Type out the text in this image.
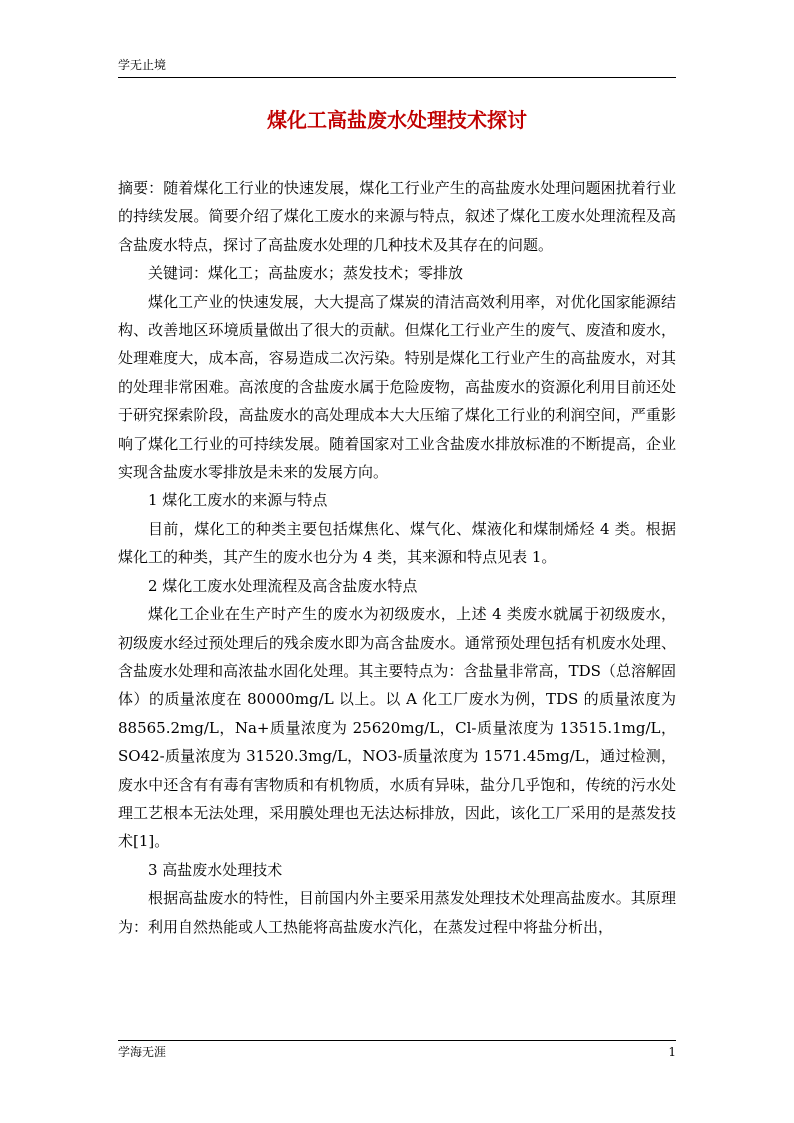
学无止境
煤化工高盐废水处理技术探讨

摘要：随着煤化工行业的快速发展，煤化工行业产生的高盐废水处理问题困扰着行业的持续发展。简要介绍了煤化工废水的来源与特点，叙述了煤化工废水处理流程及高含盐废水特点，探讨了高盐废水处理的几种技术及其存在的问题。

关键词：煤化工；高盐废水；蒸发技术；零排放

煤化工产业的快速发展，大大提高了煤炭的清洁高效利用率，对优化国家能源结构、改善地区环境质量做出了很大的贡献。但煤化工行业产生的废气、废渣和废水，处理难度大，成本高，容易造成二次污染。特别是煤化工行业产生的高盐废水，对其的处理非常困难。高浓度的含盐废水属于危险废物，高盐废水的资源化利用目前还处于研究探索阶段，高盐废水的高处理成本大大压缩了煤化工行业的利润空间，严重影响了煤化工行业的可持续发展。随着国家对工业含盐废水排放标准的不断提高，企业实现含盐废水零排放是未来的发展方向。

1 煤化工废水的来源与特点

目前，煤化工的种类主要包括煤焦化、煤气化、煤液化和煤制烯烃 4 类。根据煤化工的种类，其产生的废水也分为 4 类，其来源和特点见表 1。

2 煤化工废水处理流程及高含盐废水特点

煤化工企业在生产时产生的废水为初级废水，上述 4 类废水就属于初级废水，初级废水经过预处理后的残余废水即为高含盐废水。通常预处理包括有机废水处理、含盐废水处理和高浓盐水固化处理。其主要特点为：含盐量非常高，TDS（总溶解固体）的质量浓度在 80000mg/L 以上。以 A 化工厂废水为例，TDS 的质量浓度为 88565.2mg/L，Na+质量浓度为 25620mg/L，Cl-质量浓度为 13515.1mg/L，SO42-质量浓度为 31520.3mg/L，NO3-质量浓度为 1571.45mg/L，通过检测，废水中还含有有毒有害物质和有机物质，水质有异味，盐分几乎饱和，传统的污水处理工艺根本无法处理，采用膜处理也无法达标排放，因此，该化工厂采用的是蒸发技术[1]。

3 高盐废水处理技术

根据高盐废水的特性，目前国内外主要采用蒸发处理技术处理高盐废水。其原理为：利用自然热能或人工热能将高盐废水汽化，在蒸发过程中将盐分析出，

学海无涯	1
